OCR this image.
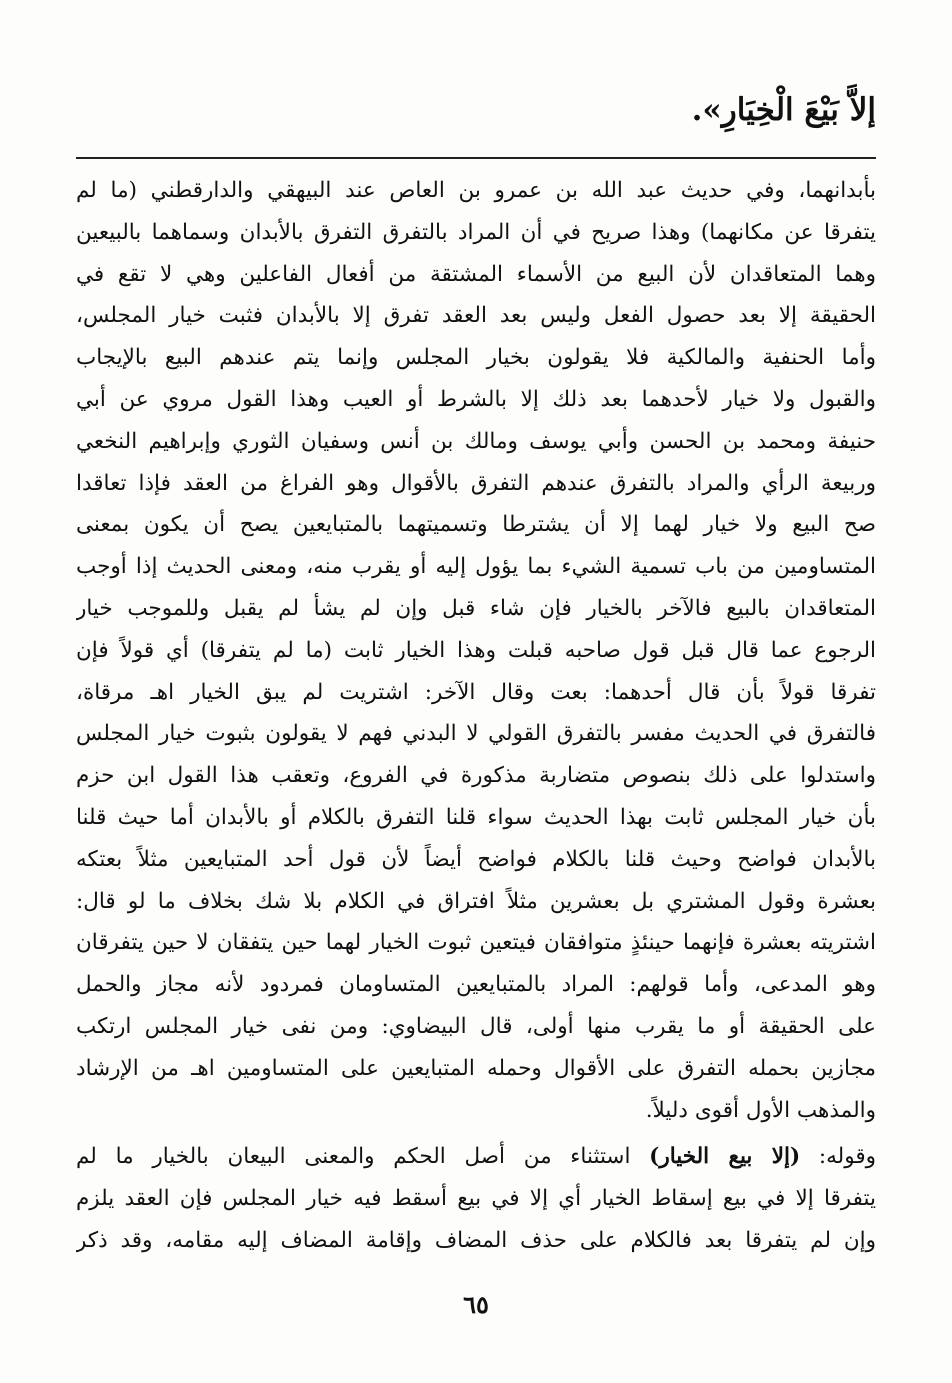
إلاَّ بَيْعَ الْخِيَارِ».
بأبدانهما، وفي حديث عبد الله بن عمرو بن العاص عند البيهقي والدارقطني (ما لم
يتفرقا عن مكانهما) وهذا صريح في أن المراد بالتفرق التفرق بالأبدان وسماهما بالبيعين
وهما المتعاقدان لأن البيع من الأسماء المشتقة من أفعال الفاعلين وهي لا تقع في
الحقيقة إلا بعد حصول الفعل وليس بعد العقد تفرق إلا بالأبدان فثبت خيار المجلس،
وأما الحنفية والمالكية فلا يقولون بخيار المجلس وإنما يتم عندهم البيع بالإيجاب
والقبول ولا خيار لأحدهما بعد ذلك إلا بالشرط أو العيب وهذا القول مروي عن أبي
حنيفة ومحمد بن الحسن وأبي يوسف ومالك بن أنس وسفيان الثوري وإبراهيم النخعي
وربيعة الرأي والمراد بالتفرق عندهم التفرق بالأقوال وهو الفراغ من العقد فإذا تعاقدا
صح البيع ولا خيار لهما إلا أن يشترطا وتسميتهما بالمتبايعين يصح أن يكون بمعنى
المتساومين من باب تسمية الشيء بما يؤول إليه أو يقرب منه، ومعنى الحديث إذا أوجب
المتعاقدان بالبيع فالآخر بالخيار فإن شاء قبل وإن لم يشأ لم يقبل وللموجب خيار
الرجوع عما قال قبل قول صاحبه قبلت وهذا الخيار ثابت (ما لم يتفرقا) أي قولاً فإن
تفرقا قولاً بأن قال أحدهما: بعت وقال الآخر: اشتريت لم يبق الخيار اهـ مرقاة،
فالتفرق في الحديث مفسر بالتفرق القولي لا البدني فهم لا يقولون بثبوت خيار المجلس
واستدلوا على ذلك بنصوص متضاربة مذكورة في الفروع، وتعقب هذا القول ابن حزم
بأن خيار المجلس ثابت بهذا الحديث سواء قلنا التفرق بالكلام أو بالأبدان أما حيث قلنا
بالأبدان فواضح وحيث قلنا بالكلام فواضح أيضاً لأن قول أحد المتبايعين مثلاً بعتكه
بعشرة وقول المشتري بل بعشرين مثلاً افتراق في الكلام بلا شك بخلاف ما لو قال:
اشتريته بعشرة فإنهما حينئذٍ متوافقان فيتعين ثبوت الخيار لهما حين يتفقان لا حين يتفرقان
وهو المدعى، وأما قولهم: المراد بالمتبايعين المتساومان فمردود لأنه مجاز والحمل
على الحقيقة أو ما يقرب منها أولى، قال البيضاوي: ومن نفى خيار المجلس ارتكب
مجازين بحمله التفرق على الأقوال وحمله المتبايعين على المتساومين اهـ من الإرشاد
والمذهب الأول أقوى دليلاً.
وقوله: (إلا بيع الخيار) استثناء من أصل الحكم والمعنى البيعان بالخيار ما لم
يتفرقا إلا في بيع إسقاط الخيار أي إلا في بيع أسقط فيه خيار المجلس فإن العقد يلزم
وإن لم يتفرقا بعد فالكلام على حذف المضاف وإقامة المضاف إليه مقامه، وقد ذكر
٦٥
